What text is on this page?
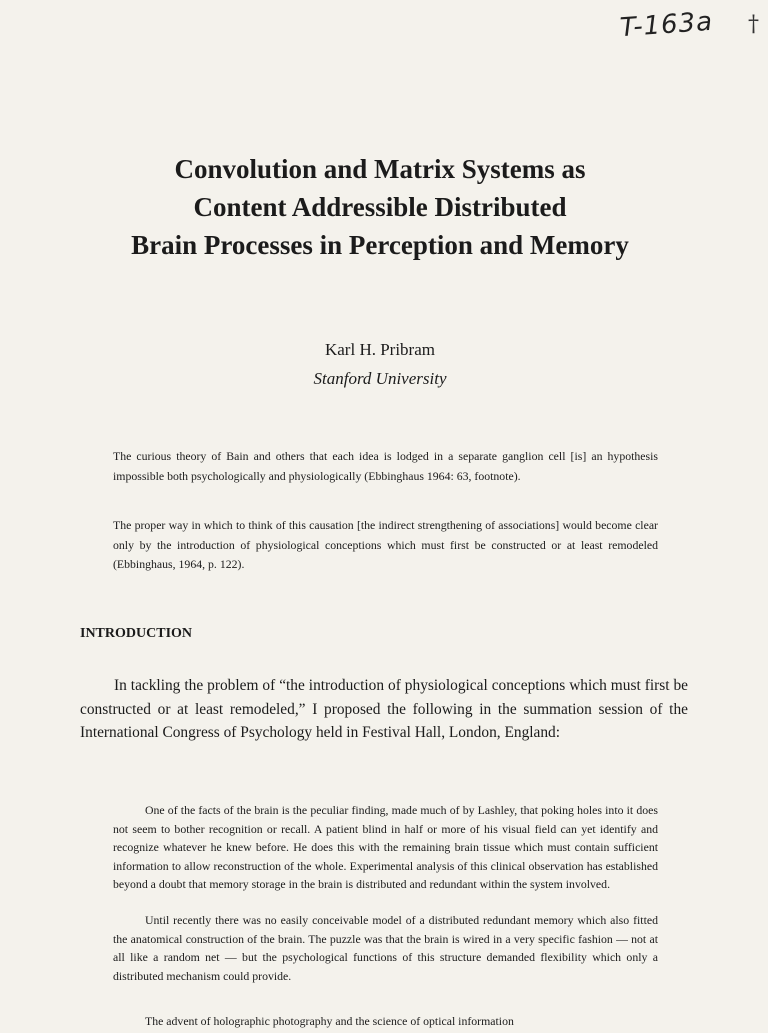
T-163a †
Convolution and Matrix Systems as
Content Addressible Distributed
Brain Processes in Perception and Memory
Karl H. Pribram
Stanford University
The curious theory of Bain and others that each idea is lodged in a separate ganglion cell [is] an hypothesis impossible both psychologically and physiologically (Ebbinghaus 1964: 63, footnote).
The proper way in which to think of this causation [the indirect strengthening of associations] would become clear only by the introduction of physiological conceptions which must first be constructed or at least remodeled (Ebbinghaus, 1964, p. 122).
INTRODUCTION

In tackling the problem of “the introduction of physiological conceptions which must first be constructed or at least remodeled,” I proposed the following in the summation session of the International Congress of Psychology held in Festival Hall, London, England:

One of the facts of the brain is the peculiar finding, made much of by Lashley, that poking holes into it does not seem to bother recognition or recall. A patient blind in half or more of his visual field can yet identify and recognize whatever he knew before. He does this with the remaining brain tissue which must contain sufficient information to allow reconstruction of the whole. Experimental analysis of this clinical observation has established beyond a doubt that memory storage in the brain is distributed and redundant within the system involved.

Until recently there was no easily conceivable model of a distributed redundant memory which also fitted the anatomical construction of the brain. The puzzle was that the brain is wired in a very specific fashion — not at all like a random net — but the psychological functions of this structure demanded flexibility which only a distributed mechanism could provide.

The advent of holographic photography and the science of optical information
